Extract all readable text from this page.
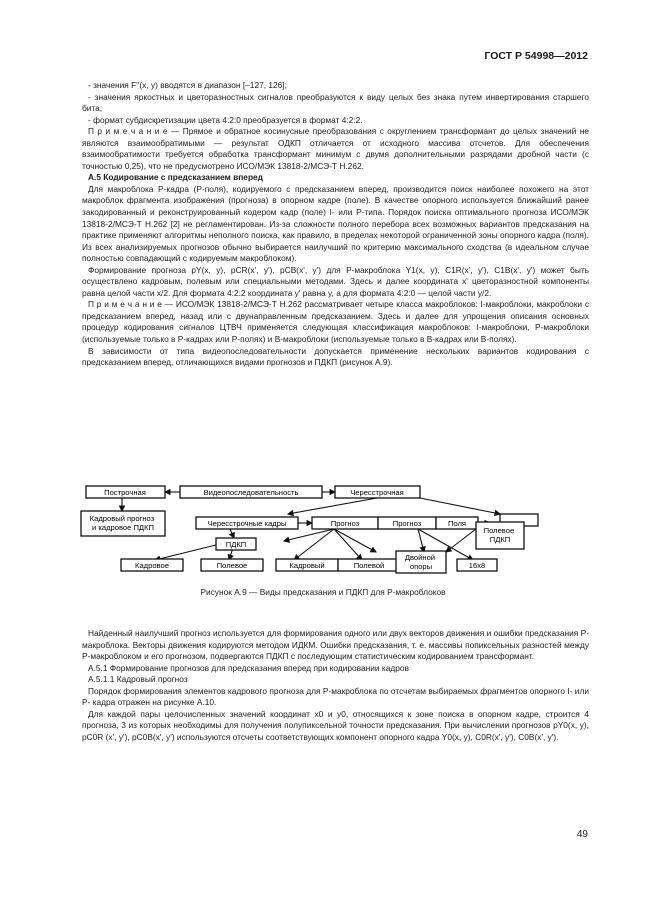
ГОСТ Р 54998—2012

- значения F''(x, y) вводятся в диапазон [–127, 126];

- значения яркостных и цветоразностных сигналов преобразуются к виду целых без знака путем инвертирования старшего бита;

- формат субдискретизации цвета 4:2:0 преобразуется в формат 4:2:2.

П р и м е ч а н и е — Прямое и обратное косинусные преобразования с округлением трансформант до целых значений не являются взаимообратимыми — результат ОДКП отличается от исходного массива отсчетов. Для обеспечения взаимообратимости требуется обработка трансформант минимум с двумя дополнительными разрядами дробной части (с точностью 0,25), что не предусмотрено ИСО/МЭК 13818-2/МСЭ-Т Н.262.

А.5 Кодирование с предсказанием вперед

Для макроблока P-кадра (P-поля), кодируемого с предсказанием вперед, производится поиск наиболее похожего на этот макроблок фрагмента изображения (прогноза) в опорном кадре (поле). В качестве опорного используется ближайший ранее закодированный и реконструированный кодером кадр (поле) I- или P-типа. Порядок поиска оптимального прогноза ИСО/МЭК 13818-2/МСЭ-Т Н.262 [2] не регламентирован. Из-за сложности полного перебора всех возможных вариантов предсказания на практике применяют алгоритмы неполного поиска, как правило, в пределах некоторой ограниченной зоны опорного кадра (поля). Из всех анализируемых прогнозов обычно выбирается наилучший по критерию максимального сходства (в идеальном случае полностью совпадающий с кодируемым макроблоком).

Формирование прогноза pY(x, y), pCR(x', y'), pCB(x', y') для P-макроблока Y1(x, y), C1R(x', y'), C1B(x', y') может быть осуществлено кадровым, полевым или специальными методами. Здесь и далее координата x' цветоразностной компоненты равна целой части x/2. Для формата 4:2:2 координата y' равна y, а для формата 4:2:0 — целой части y/2.

П р и м е ч а н и е — ИСО/МЭК 13818-2/МСЭ-Т Н.262 рассматривает четыре класса макроблоков: I-макроблоки, макроблоки с предсказанием вперед, назад или с двунаправленным предсказанием. Здесь и далее для упрощения описания основных процедур кодирования сигналов ЦТВЧ применяется следующая классификация макроблоков: I-макроблоки, P-макроблоки (используемые только в P-кадрах или P-полях) и B-макроблоки (используемые только в B-кадрах или B-полях).

В зависимости от типа видеопоследовательности допускается применение нескольких вариантов кодирования с предсказанием вперед, отличающихся видами прогнозов и ПДКП (рисунок А.9).

Построчная	Видеопоследовательность	Чересстрочная
Кадровый прогноз и кадровое ПДКП	Чересстрочные кадры	Прогноз	Прогноз	Поля
Полевое ПДКП
ПДКП
Кадровое	Полевое	Кадровый	Полевой
Двойной опоры	16х8
Рисунок А.9 — Виды предсказания и ПДКП для P-макроблоков

Найденный наилучший прогноз используется для формирования одного или двух векторов движения и ошибки предсказания P-макроблока. Векторы движения кодируются методом ИДКМ. Ошибки предсказания, т. е. массивы попиксельных разностей между P-макроблоком и его прогнозом, подвергаются ПДКП с последующим статистическим кодированием трансформант.

А.5.1 Формирование прогнозов для предсказания вперед при кодировании кадров

А.5.1.1 Кадровый прогноз

Порядок формирования элементов кадрового прогноза для P-макроблока по отсчетам выбираемых фрагментов опорного I- или P- кадра отражен на рисунке А.10.

Для каждой пары целочисленных значений координат x0 и y0, относящихся к зоне поиска в опорном кадре, строится 4 прогноза, 3 из которых необходимы для получения полупиксельной точности предсказания. При вычислении прогнозов pY0(x, y), pC0R (x', y'), pC0B(x', y') используются отсчеты соответствующих компонент опорного кадра Y0(x, y), C0R(x', y'), C0B(x', y').

49
